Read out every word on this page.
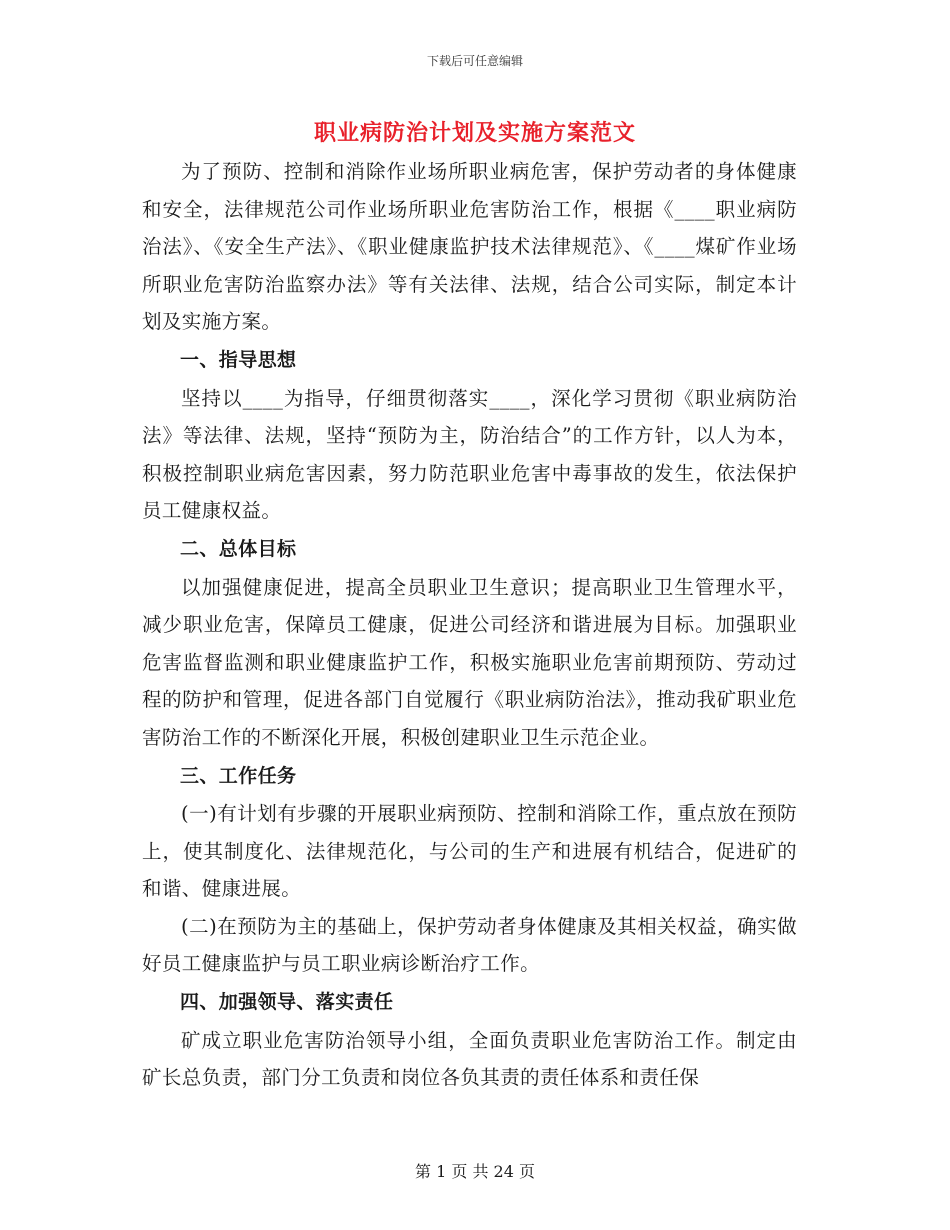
下载后可任意编辑
职业病防治计划及实施方案范文

为了预防、控制和消除作业场所职业病危害，保护劳动者的身体健康和安全，法律规范公司作业场所职业危害防治工作，根据《____职业病防治法》、《安全生产法》、《职业健康监护技术法律规范》、《____煤矿作业场所职业危害防治监察办法》等有关法律、法规，结合公司实际，制定本计划及实施方案。

一、指导思想

坚持以____为指导，仔细贯彻落实____，深化学习贯彻《职业病防治法》等法律、法规，坚持“预防为主，防治结合”的工作方针，以人为本，积极控制职业病危害因素，努力防范职业危害中毒事故的发生，依法保护员工健康权益。

二、总体目标

以加强健康促进，提高全员职业卫生意识；提高职业卫生管理水平，减少职业危害，保障员工健康，促进公司经济和谐进展为目标。加强职业危害监督监测和职业健康监护工作，积极实施职业危害前期预防、劳动过程的防护和管理，促进各部门自觉履行《职业病防治法》，推动我矿职业危害防治工作的不断深化开展，积极创建职业卫生示范企业。

三、工作任务

(一)有计划有步骤的开展职业病预防、控制和消除工作，重点放在预防上，使其制度化、法律规范化，与公司的生产和进展有机结合，促进矿的和谐、健康进展。

(二)在预防为主的基础上，保护劳动者身体健康及其相关权益，确实做好员工健康监护与员工职业病诊断治疗工作。

四、加强领导、落实责任

矿成立职业危害防治领导小组，全面负责职业危害防治工作。制定由矿长总负责，部门分工负责和岗位各负其责的责任体系和责任保

第 1 页 共 24 页
